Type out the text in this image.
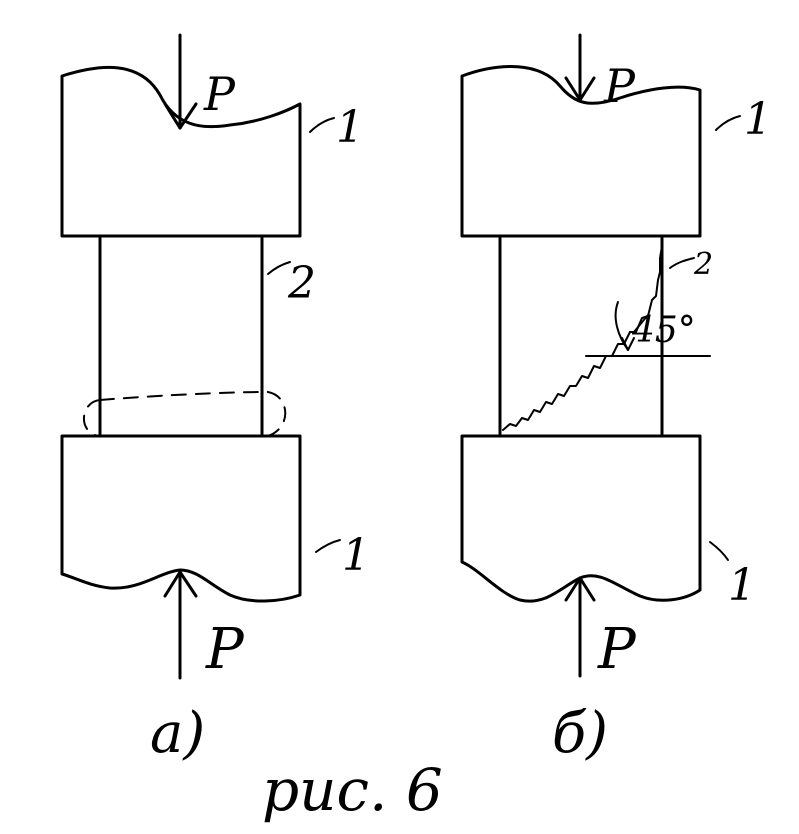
P
1
2
1
P
а)
P
1
2
45°
1
P
б)
рис. 6
